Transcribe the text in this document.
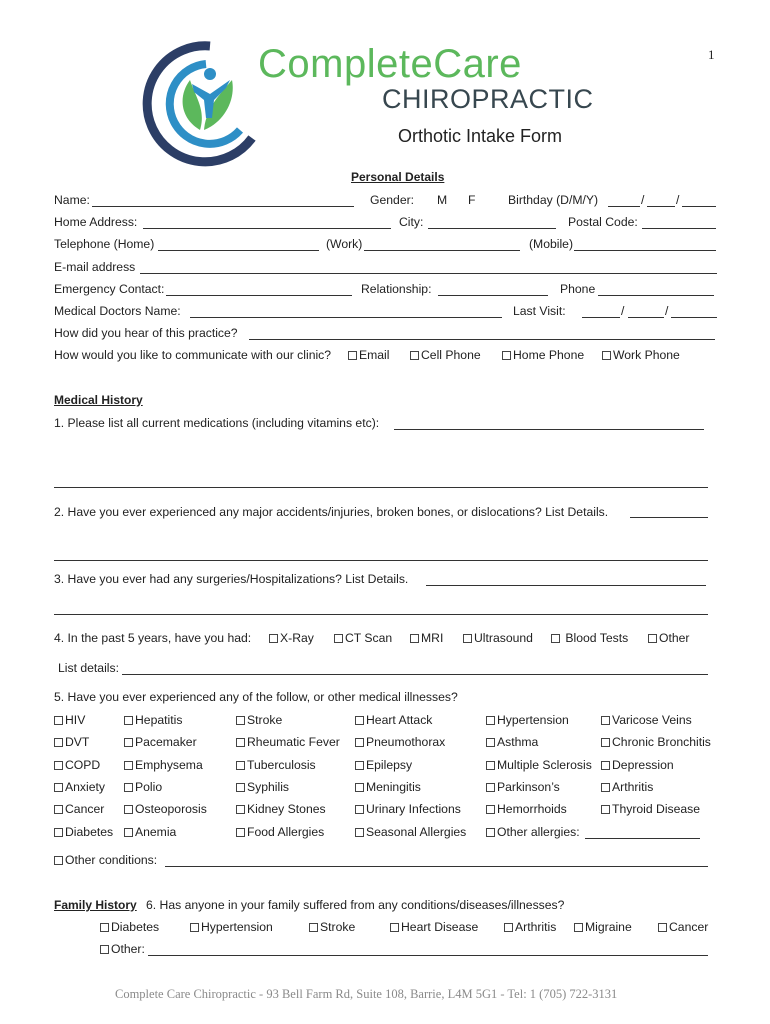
1
CompleteCare
CHIROPRACTIC
Orthotic Intake Form
Personal Details
Name:	Gender: M F	Birthday (D/M/Y)	/	/
Home Address:	City:	Postal Code:
Telephone (Home)	(Work)	(Mobile)
E-mail address
Emergency Contact:	Relationship:	Phone
Medical Doctors Name:	Last Visit:	/	/
How did you hear of this practice?
How would you like to communicate with our clinic?	Email	Cell Phone	Home Phone	Work Phone
Medical History
1. Please list all current medications (including vitamins etc):
2. Have you ever experienced any major accidents/injuries, broken bones, or dislocations? List Details.
3. Have you ever had any surgeries/Hospitalizations? List Details.
4. In the past 5 years, have you had:	X-Ray	CT Scan	MRI	Ultrasound	Blood Tests	Other
List details:
5. Have you ever experienced any of the follow, or other medical illnesses?
HIV	Hepatitis	Stroke	Heart Attack	Hypertension	Varicose Veins
DVT	Pacemaker	Rheumatic Fever	Pneumothorax	Asthma	Chronic Bronchitis
COPD	Emphysema	Tuberculosis	Epilepsy	Multiple Sclerosis	Depression
Anxiety	Polio	Syphilis	Meningitis	Parkinson’s	Arthritis
Cancer	Osteoporosis	Kidney Stones	Urinary Infections	Hemorrhoids	Thyroid Disease
Diabetes	Anemia	Food Allergies	Seasonal Allergies	Other allergies:
Other conditions:
Family History 6. Has anyone in your family suffered from any conditions/diseases/illnesses?
Diabetes	Hypertension	Stroke	Heart Disease	Arthritis	Migraine	Cancer
Other:
Complete Care Chiropractic - 93 Bell Farm Rd, Suite 108, Barrie, L4M 5G1 - Tel: 1 (705) 722-3131
